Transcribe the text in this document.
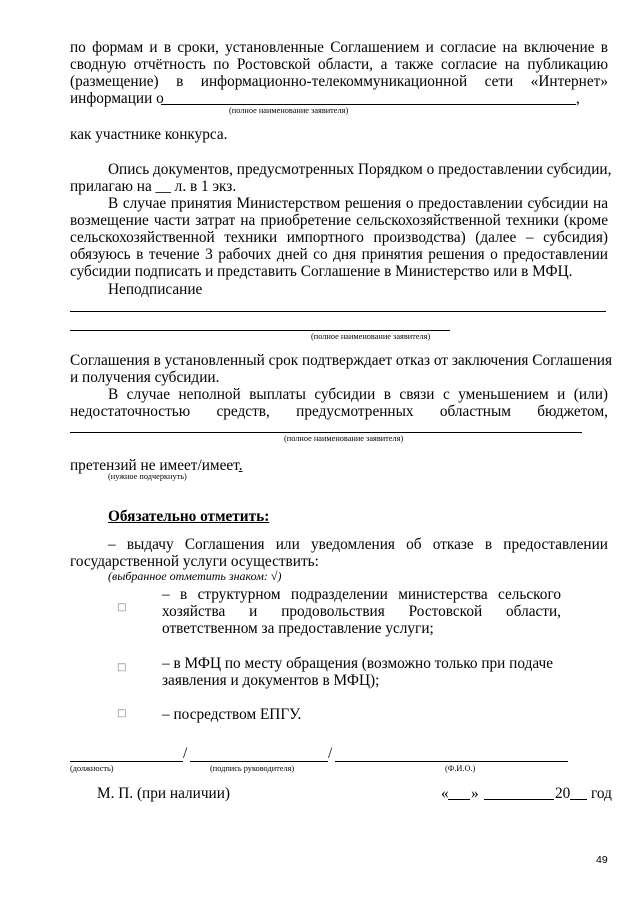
по формам и в сроки, установленные Соглашением и согласие на включение в
сводную отчётность по Ростовской области, а также согласие на публикацию
(размещение) в информационно-телекоммуникационной сети «Интернет»
информации о	,
(полное наименование заявителя)
как участнике конкурса.
Опись документов, предусмотренных Порядком о предоставлении субсидии,
прилагаю на __ л. в 1 экз.
В случае принятия Министерством решения о предоставлении субсидии на
возмещение части затрат на приобретение сельскохозяйственной техники (кроме
сельскохозяйственной техники импортного производства) (далее – субсидия)
обязуюсь в течение 3 рабочих дней со дня принятия решения о предоставлении
субсидии подписать и представить Соглашение в Министерство или в МФЦ.
Неподписание
(полное наименование заявителя)
Соглашения в установленный срок подтверждает отказ от заключения Соглашения
и получения субсидии.
В случае неполной выплаты субсидии в связи с уменьшением и (или)
недостаточностью средств, предусмотренных областным бюджетом,
(полное наименование заявителя)
претензий не имеет/имеет.
(нужное подчеркнуть)
Обязательно отметить:
– выдачу Соглашения или уведомления об отказе в предоставлении
государственной услуги осуществить:
(выбранное отметить знаком: √)
□
– в структурном подразделении министерства сельского
хозяйства и продовольствия Ростовской области,
ответственном за предоставление услуги;
□ – в МФЦ по месту обращения (возможно только при подаче
заявления и документов в МФЦ);
□ – посредством ЕПГУ.
/	/
(должность)	(подпись руководителя)	(Ф.И.О.)
М. П. (при наличии)	« »	20 год
49
